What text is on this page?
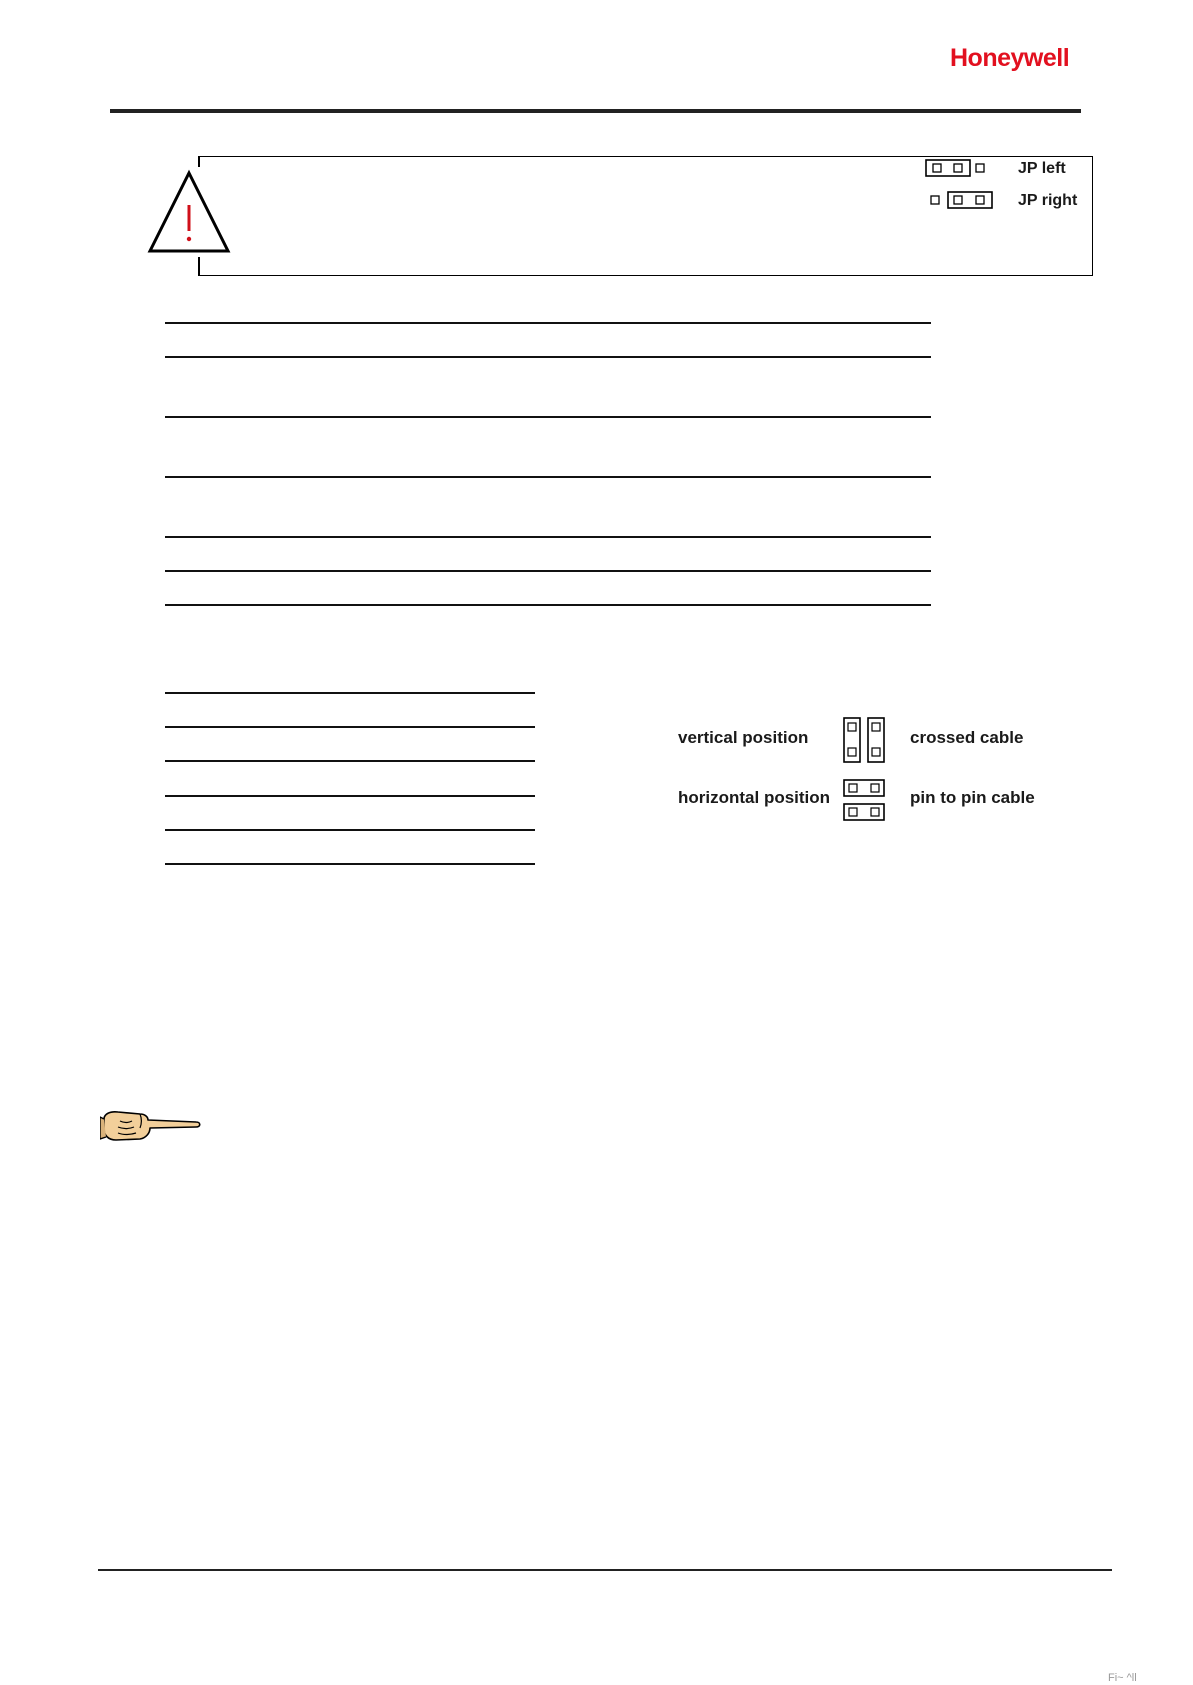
Honeywell
JP left
JP right
vertical position	crossed cable
horizontal position	pin to pin cable
Fi~ ^ll
